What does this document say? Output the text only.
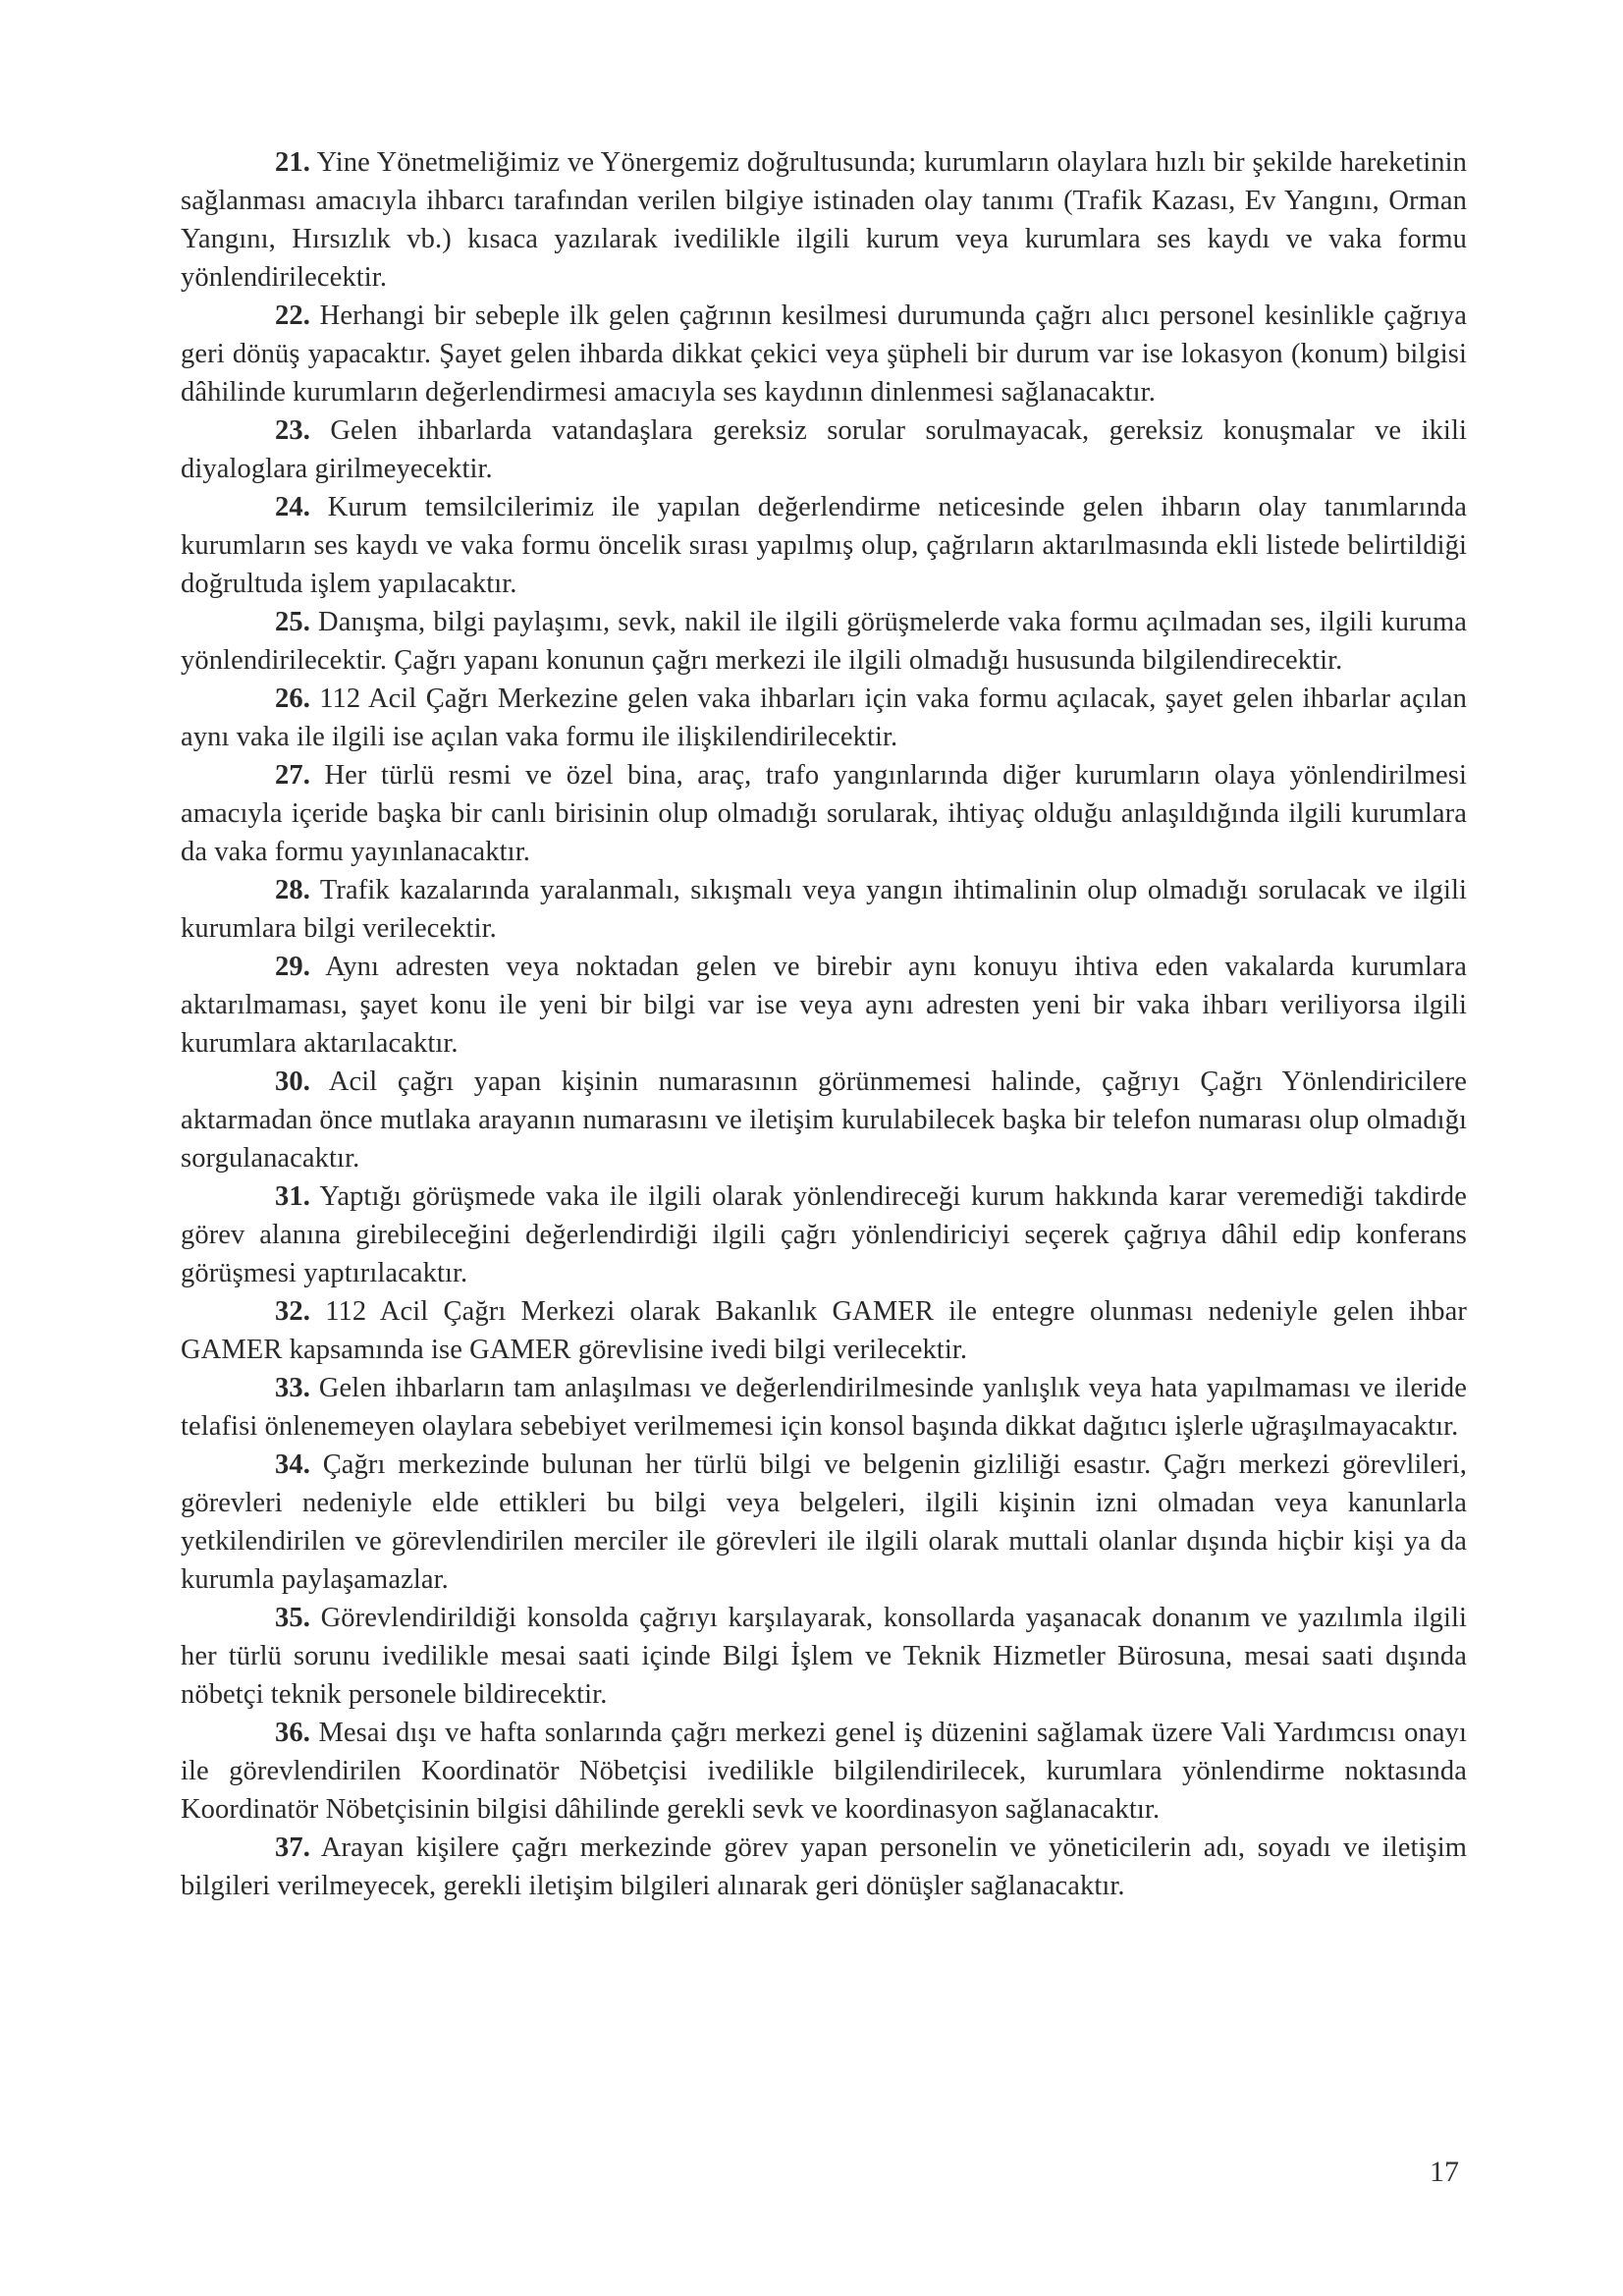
21. Yine Yönetmeliğimiz ve Yönergemiz doğrultusunda; kurumların olaylara hızlı bir şekilde hareketinin sağlanması amacıyla ihbarcı tarafından verilen bilgiye istinaden olay tanımı (Trafik Kazası, Ev Yangını, Orman Yangını, Hırsızlık vb.) kısaca yazılarak ivedilikle ilgili kurum veya kurumlara ses kaydı ve vaka formu yönlendirilecektir.

22. Herhangi bir sebeple ilk gelen çağrının kesilmesi durumunda çağrı alıcı personel kesinlikle çağrıya geri dönüş yapacaktır. Şayet gelen ihbarda dikkat çekici veya şüpheli bir durum var ise lokasyon (konum) bilgisi dâhilinde kurumların değerlendirmesi amacıyla ses kaydının dinlenmesi sağlanacaktır.

23. Gelen ihbarlarda vatandaşlara gereksiz sorular sorulmayacak, gereksiz konuşmalar ve ikili diyaloglara girilmeyecektir.

24. Kurum temsilcilerimiz ile yapılan değerlendirme neticesinde gelen ihbarın olay tanımlarında kurumların ses kaydı ve vaka formu öncelik sırası yapılmış olup, çağrıların aktarılmasında ekli listede belirtildiği doğrultuda işlem yapılacaktır.

25. Danışma, bilgi paylaşımı, sevk, nakil ile ilgili görüşmelerde vaka formu açılmadan ses, ilgili kuruma yönlendirilecektir. Çağrı yapanı konunun çağrı merkezi ile ilgili olmadığı hususunda bilgilendirecektir.

26. 112 Acil Çağrı Merkezine gelen vaka ihbarları için vaka formu açılacak, şayet gelen ihbarlar açılan aynı vaka ile ilgili ise açılan vaka formu ile ilişkilendirilecektir.

27. Her türlü resmi ve özel bina, araç, trafo yangınlarında diğer kurumların olaya yönlendirilmesi amacıyla içeride başka bir canlı birisinin olup olmadığı sorularak, ihtiyaç olduğu anlaşıldığında ilgili kurumlara da vaka formu yayınlanacaktır.

28. Trafik kazalarında yaralanmalı, sıkışmalı veya yangın ihtimalinin olup olmadığı sorulacak ve ilgili kurumlara bilgi verilecektir.

29. Aynı adresten veya noktadan gelen ve birebir aynı konuyu ihtiva eden vakalarda kurumlara aktarılmaması, şayet konu ile yeni bir bilgi var ise veya aynı adresten yeni bir vaka ihbarı veriliyorsa ilgili kurumlara aktarılacaktır.

30. Acil çağrı yapan kişinin numarasının görünmemesi halinde, çağrıyı Çağrı Yönlendiricilere aktarmadan önce mutlaka arayanın numarasını ve iletişim kurulabilecek başka bir telefon numarası olup olmadığı sorgulanacaktır.

31. Yaptığı görüşmede vaka ile ilgili olarak yönlendireceği kurum hakkında karar veremediği takdirde görev alanına girebileceğini değerlendirdiği ilgili çağrı yönlendiriciyi seçerek çağrıya dâhil edip konferans görüşmesi yaptırılacaktır.

32. 112 Acil Çağrı Merkezi olarak Bakanlık GAMER ile entegre olunması nedeniyle gelen ihbar GAMER kapsamında ise GAMER görevlisine ivedi bilgi verilecektir.

33. Gelen ihbarların tam anlaşılması ve değerlendirilmesinde yanlışlık veya hata yapılmaması ve ileride telafisi önlenemeyen olaylara sebebiyet verilmemesi için konsol başında dikkat dağıtıcı işlerle uğraşılmayacaktır.

34. Çağrı merkezinde bulunan her türlü bilgi ve belgenin gizliliği esastır. Çağrı merkezi görevlileri, görevleri nedeniyle elde ettikleri bu bilgi veya belgeleri, ilgili kişinin izni olmadan veya kanunlarla yetkilendirilen ve görevlendirilen merciler ile görevleri ile ilgili olarak muttali olanlar dışında hiçbir kişi ya da kurumla paylaşamazlar.

35. Görevlendirildiği konsolda çağrıyı karşılayarak, konsollarda yaşanacak donanım ve yazılımla ilgili her türlü sorunu ivedilikle mesai saati içinde Bilgi İşlem ve Teknik Hizmetler Bürosuna, mesai saati dışında nöbetçi teknik personele bildirecektir.

36. Mesai dışı ve hafta sonlarında çağrı merkezi genel iş düzenini sağlamak üzere Vali Yardımcısı onayı ile görevlendirilen Koordinatör Nöbetçisi ivedilikle bilgilendirilecek, kurumlara yönlendirme noktasında Koordinatör Nöbetçisinin bilgisi dâhilinde gerekli sevk ve koordinasyon sağlanacaktır.

37. Arayan kişilere çağrı merkezinde görev yapan personelin ve yöneticilerin adı, soyadı ve iletişim bilgileri verilmeyecek, gerekli iletişim bilgileri alınarak geri dönüşler sağlanacaktır.

17
